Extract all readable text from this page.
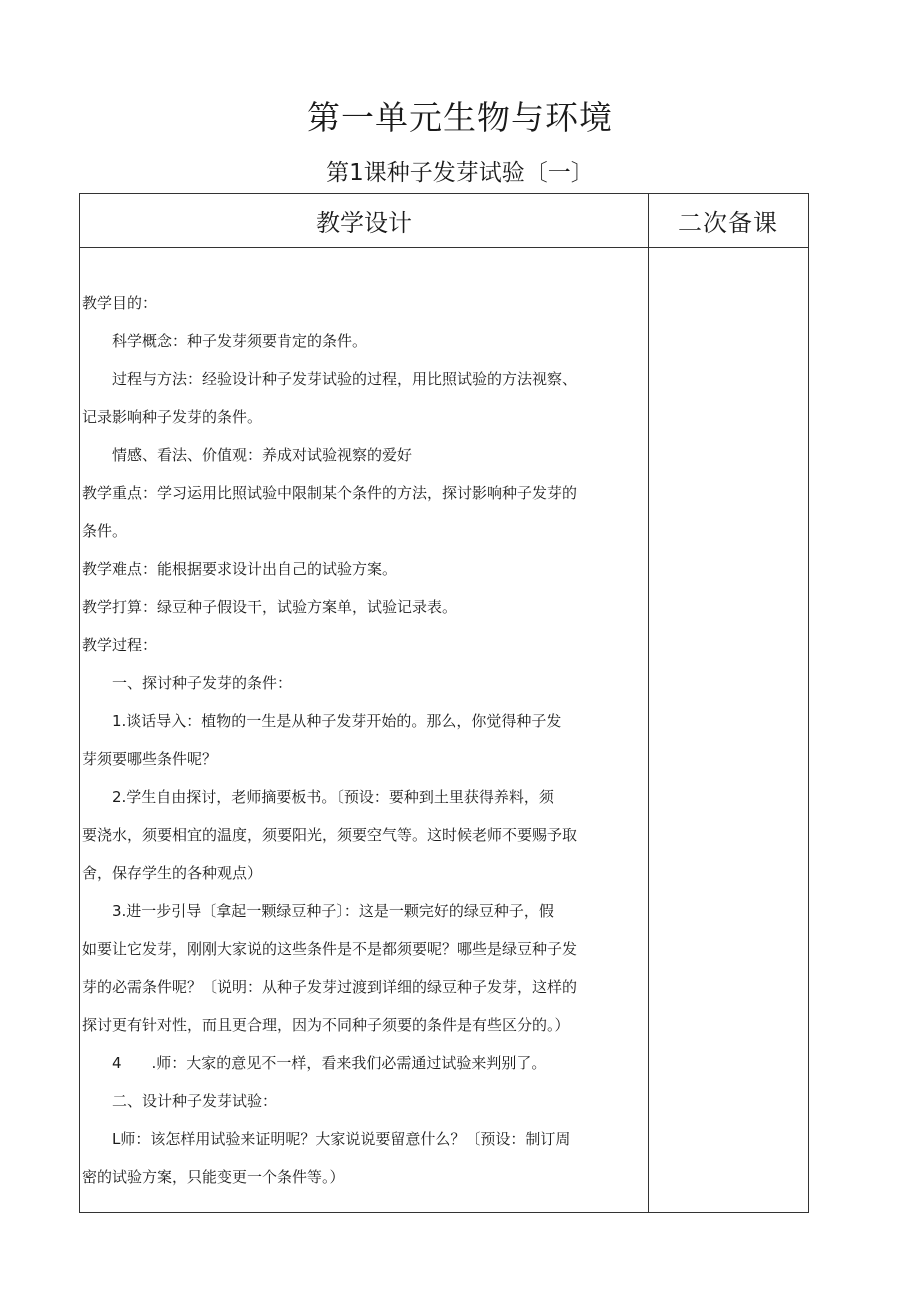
第一单元生物与环境
第1课种子发芽试验〔一〕
教学设计	二次备课
教学目的：
　　科学概念：种子发芽须要肯定的条件。
　　过程与方法：经验设计种子发芽试验的过程，用比照试验的方法视察、
记录影响种子发芽的条件。
　　情感、看法、价值观：养成对试验视察的爱好
教学重点：学习运用比照试验中限制某个条件的方法，探讨影响种子发芽的
条件。
教学难点：能根据要求设计出自己的试验方案。
教学打算：绿豆种子假设干，试验方案单，试验记录表。
教学过程：
　　一、探讨种子发芽的条件：
　　1.谈话导入：植物的一生是从种子发芽开始的。那么，你觉得种子发
芽须要哪些条件呢？
　　2.学生自由探讨，老师摘要板书。〔预设：要种到土里获得养料，须
要浇水，须要相宜的温度，须要阳光，须要空气等。这时候老师不要赐予取
舍，保存学生的各种观点）
　　3.进一步引导〔拿起一颗绿豆种子〕：这是一颗完好的绿豆种子，假
如要让它发芽，刚刚大家说的这些条件是不是都须要呢？哪些是绿豆种子发
芽的必需条件呢？〔说明：从种子发芽过渡到详细的绿豆种子发芽，这样的
探讨更有针对性，而且更合理，因为不同种子须要的条件是有些区分的。）
　　4　　.师：大家的意见不一样，看来我们必需通过试验来判别了。
　　二、设计种子发芽试验：
　　L师：该怎样用试验来证明呢？大家说说要留意什么？〔预设：制订周
密的试验方案，只能变更一个条件等。）
